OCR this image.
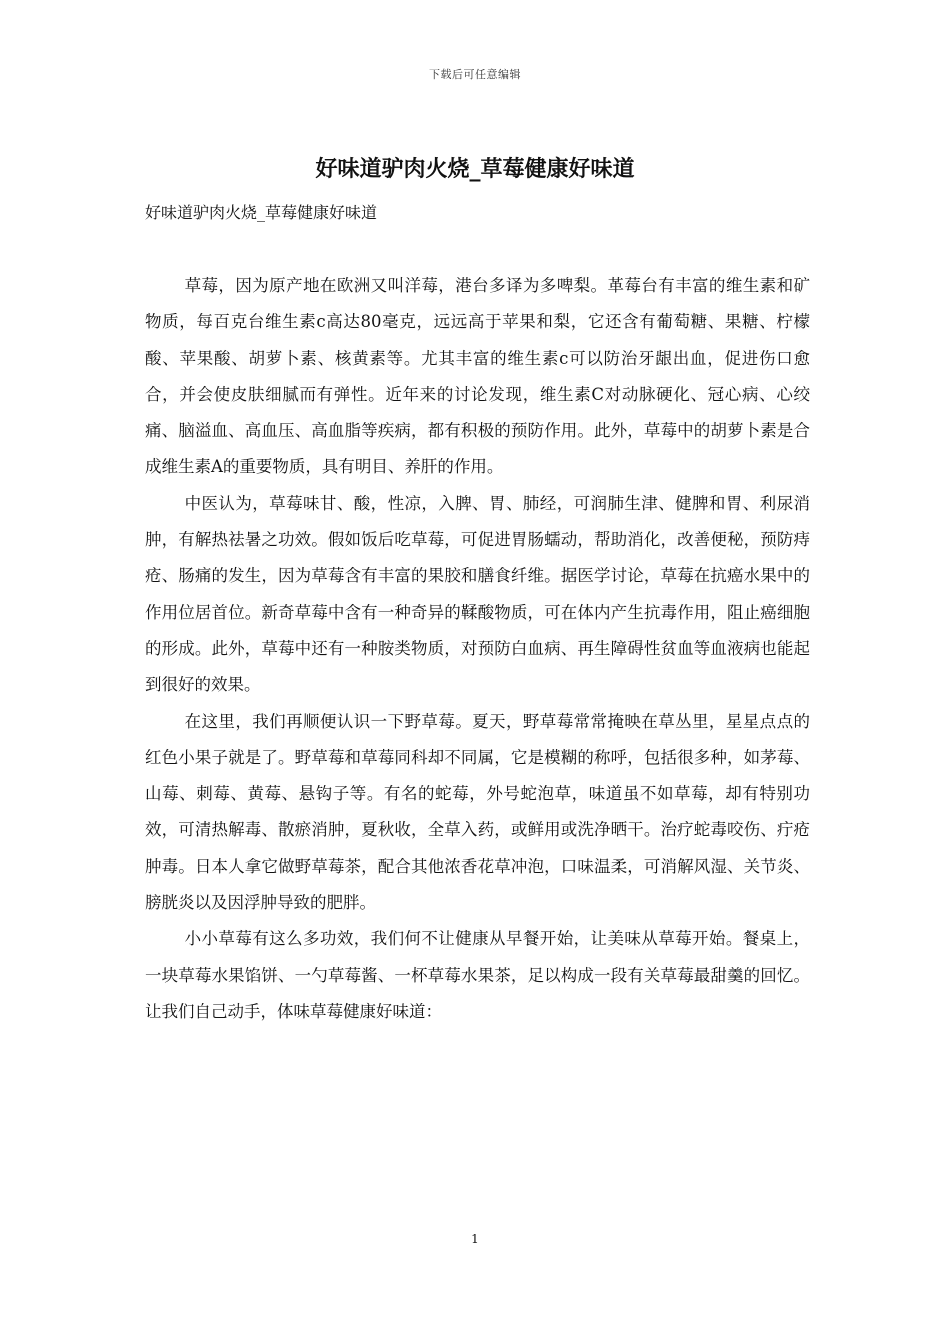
下载后可任意编辑
好味道驴肉火烧_草莓健康好味道

好味道驴肉火烧_草莓健康好味道

草莓，因为原产地在欧洲又叫洋莓，港台多译为多啤梨。革莓台有丰富的维生素和矿物质，每百克台维生素c高达80毫克，远远高于苹果和梨，它还含有葡萄糖、果糖、柠檬酸、苹果酸、胡萝卜素、核黄素等。尤其丰富的维生素c可以防治牙龈出血，促进伤口愈合，并会使皮肤细腻而有弹性。近年来的讨论发现，维生素C对动脉硬化、冠心病、心绞痛、脑溢血、高血压、高血脂等疾病，都有积极的预防作用。此外，草莓中的胡萝卜素是合成维生素A的重要物质，具有明目、养肝的作用。

中医认为，草莓味甘、酸，性凉，入脾、胃、肺经，可润肺生津、健脾和胃、利尿消肿，有解热祛暑之功效。假如饭后吃草莓，可促进胃肠蠕动，帮助消化，改善便秘，预防痔疮、肠痛的发生，因为草莓含有丰富的果胶和膳食纤维。据医学讨论，草莓在抗癌水果中的作用位居首位。新奇草莓中含有一种奇异的鞣酸物质，可在体内产生抗毒作用，阻止癌细胞的形成。此外，草莓中还有一种胺类物质，对预防白血病、再生障碍性贫血等血液病也能起到很好的效果。

在这里，我们再顺便认识一下野草莓。夏天，野草莓常常掩映在草丛里，星星点点的红色小果子就是了。野草莓和草莓同科却不同属，它是模糊的称呼，包括很多种，如茅莓、山莓、刺莓、黄莓、悬钩子等。有名的蛇莓，外号蛇泡草，味道虽不如草莓，却有特别功效，可清热解毒、散瘀消肿，夏秋收，全草入药，或鲜用或洗净晒干。治疗蛇毒咬伤、疔疮肿毒。日本人拿它做野草莓茶，配合其他浓香花草冲泡，口味温柔，可消解风湿、关节炎、膀胱炎以及因浮肿导致的肥胖。

小小草莓有这么多功效，我们何不让健康从早餐开始，让美味从草莓开始。餐桌上，一块草莓水果馅饼、一勺草莓酱、一杯草莓水果茶，足以构成一段有关草莓最甜羹的回忆。让我们自己动手，体味草莓健康好味道：

1
